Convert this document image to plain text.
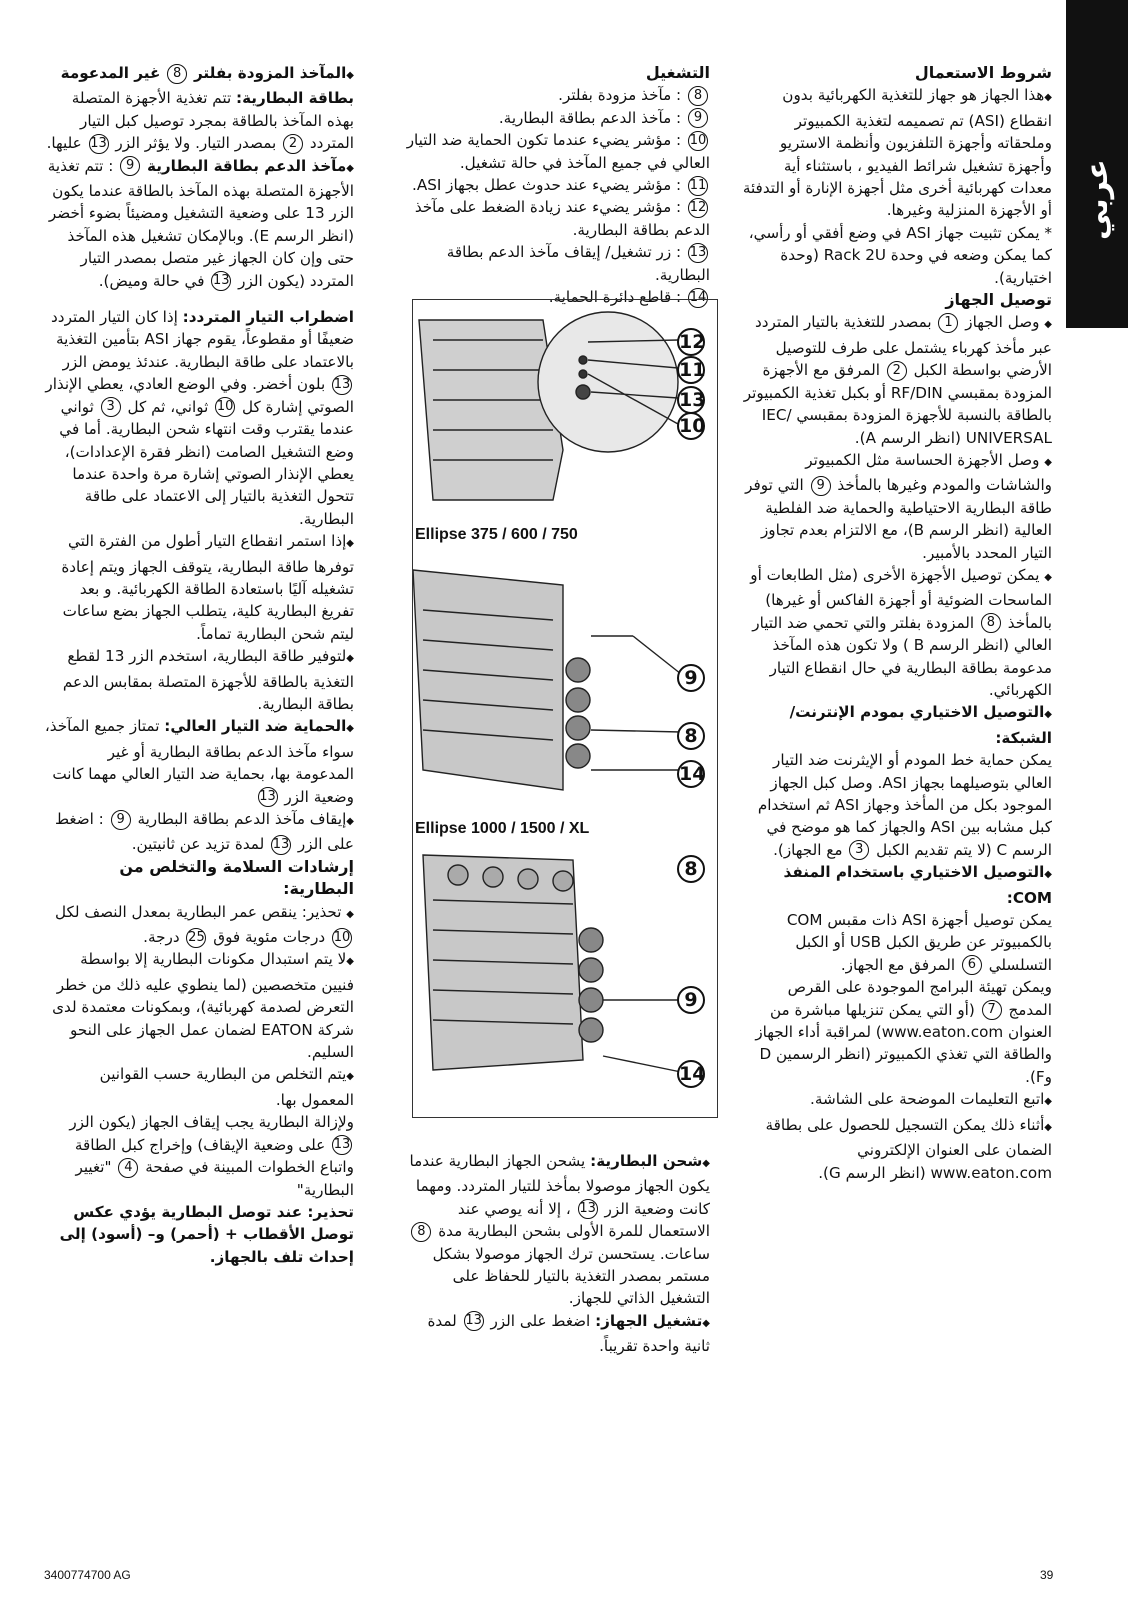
عربي

شروط الاستعمال

◆ هذا الجهاز هو جهاز للتغذية الكهربائية بدون انقطاع (ASI) تم تصميمه لتغذية الكمبيوتر وملحقاته وأجهزة التلفزيون وأنظمة الاستريو وأجهزة تشغيل شرائط الفيديو ، باستثناء أية معدات كهربائية أخرى مثل أجهزة الإنارة أو التدفئة أو الأجهزة المنزلية وغيرها.

* يمكن تثبيت جهاز ASI في وضع أفقي أو رأسي، كما يمكن وضعه في وحدة Rack 2U (وحدة اختيارية).

توصيل الجهاز

◆ وصل الجهاز 1 بمصدر للتغذية بالتيار المتردد عبر مأخذ كهرباء يشتمل على طرف للتوصيل الأرضي بواسطة الكبل 2 المرفق مع الأجهزة المزودة بمقبسي RF/DIN أو بكبل تغذية الكمبيوتر بالطاقة بالنسبة للأجهزة المزودة بمقبسي IEC/ UNIVERSAL (انظر الرسم A).

◆ وصل الأجهزة الحساسة مثل الكمبيوتر والشاشات والمودم وغيرها بالمأخذ 9 التي توفر طاقة البطارية الاحتياطية والحماية ضد الفلطية العالية (انظر الرسم B)، مع الالتزام بعدم تجاوز التيار المحدد بالأمبير.

◆ يمكن توصيل الأجهزة الأخرى (مثل الطابعات أو الماسحات الضوئية أو أجهزة الفاكس أو غيرها) بالمأخذ 8 المزودة بفلتر والتي تحمي ضد التيار العالي (انظر الرسم B ) ولا تكون هذه المآخذ مدعومة بطاقة البطارية في حال انقطاع التيار الكهربائي.

◆ التوصيل الاختياري بمودم الإنترنت/الشبكة:

يمكن حماية خط المودم أو الإيثرنت ضد التيار العالي بتوصيلهما بجهاز ASI. وصل كبل الجهاز الموجود بكل من المأخذ وجهاز ASI ثم استخدام كبل مشابه بين ASI والجهاز كما هو موضح في الرسم C (لا يتم تقديم الكبل 3 مع الجهاز).

◆ التوصيل الاختياري باستخدام المنفذ COM:

يمكن توصيل أجهزة ASI ذات مقبس COM بالكمبيوتر عن طريق الكبل USB أو الكبل التسلسلي 6 المرفق مع الجهاز.

ويمكن تهيئة البرامج الموجودة على القرص المدمج 7 (أو التي يمكن تنزيلها مباشرة من العنوان www.eaton.com) لمراقبة أداء الجهاز والطاقة التي تغذي الكمبيوتر (انظر الرسمين D وF).

◆ اتبع التعليمات الموضحة على الشاشة.

◆ أثناء ذلك يمكن التسجيل للحصول على بطاقة الضمان على العنوان الإلكتروني www.eaton.com (انظر الرسم G).

التشغيل

8 : مآخذ مزودة بفلتر.

9 : مآخذ الدعم بطاقة البطارية.

10 : مؤشر يضيء عندما تكون الحماية ضد التيار العالي في جميع المآخذ في حالة تشغيل.

11 : مؤشر يضيء عند حدوث عطل بجهاز ASI.

12 : مؤشر يضيء عند زيادة الضغط على مآخذ الدعم بطاقة البطارية.

13 : زر تشغيل/ إيقاف مآخذ الدعم بطاقة البطارية.

14 : قاطع دائرة الحماية.

Ellipse 375 / 600 / 750
Ellipse 1000 / 1500 / XL
12
11
13
10
9
8
14
8
9
14

◆ شحن البطارية: يشحن الجهاز البطارية عندما يكون الجهاز موصولا بمأخذ للتيار المتردد. ومهما كانت وضعية الزر 13 ، إلا أنه يوصي عند الاستعمال للمرة الأولى بشحن البطارية مدة 8 ساعات. يستحسن ترك الجهاز موصولا بشكل مستمر بمصدر التغذية بالتيار للحفاظ على التشغيل الذاتي للجهاز.

◆ تشغيل الجهاز: اضغط على الزر 13 لمدة ثانية واحدة تقريباً.

◆ المآخذ المزودة بفلتر 8 غير المدعومة بطاقة البطارية: تتم تغذية الأجهزة المتصلة بهذه المآخذ بالطاقة بمجرد توصيل كبل التيار المتردد 2 بمصدر التيار. ولا يؤثر الزر 13 عليها.

◆ مآخذ الدعم بطاقة البطارية 9 : تتم تغذية الأجهزة المتصلة بهذه المآخذ بالطاقة عندما يكون الزر 13 على وضعية التشغيل ومضيئاً بضوء أخضر (انظر الرسم E). وبالإمكان تشغيل هذه المآخذ حتى وإن كان الجهاز غير متصل بمصدر التيار المتردد (يكون الزر 13 في حالة وميض).

اضطراب التيار المتردد: إذا كان التيار المتردد ضعيفًا أو مقطوعاً، يقوم جهاز ASI بتأمين التغذية بالاعتماد على طاقة البطارية. عندئذ يومض الزر 13 بلون أخضر. وفي الوضع العادي، يعطي الإنذار الصوتي إشارة كل 10 ثواني، ثم كل 3 ثواني عندما يقترب وقت انتهاء شحن البطارية. أما في وضع التشغيل الصامت (انظر فقرة الإعدادات)، يعطي الإنذار الصوتي إشارة مرة واحدة عندما تتحول التغذية بالتيار إلى الاعتماد على طاقة البطارية.

◆ إذا استمر انقطاع التيار أطول من الفترة التي توفرها طاقة البطارية، يتوقف الجهاز ويتم إعادة تشغيله آليًا باستعادة الطاقة الكهربائية. و بعد تفريغ البطارية كلية، يتطلب الجهاز بضع ساعات ليتم شحن البطارية تماماً.

◆ لتوفير طاقة البطارية، استخدم الزر 13 لقطع التغذية بالطاقة للأجهزة المتصلة بمقابس الدعم بطاقة البطارية.

◆ الحماية ضد التيار العالي: تمتاز جميع المآخذ، سواء مآخذ الدعم بطاقة البطارية أو غير المدعومة بها، بحماية ضد التيار العالي مهما كانت وضعية الزر 13

◆ إيقاف مآخذ الدعم بطاقة البطارية 9 : اضغط على الزر 13 لمدة تزيد عن ثانيتين.

إرشادات السلامة والتخلص من البطارية:

◆ تحذير: ينقص عمر البطارية بمعدل النصف لكل 10 درجات مئوية فوق 25 درجة.

◆ لا يتم استبدال مكونات البطارية إلا بواسطة فنيين متخصصين (لما ينطوي عليه ذلك من خطر التعرض لصدمة كهربائية)، وبمكونات معتمدة لدى شركة EATON لضمان عمل الجهاز على النحو السليم.

◆ يتم التخلص من البطارية حسب القوانين المعمول بها.

ولإزالة البطارية يجب إيقاف الجهاز (يكون الزر 13 على وضعية الإيقاف) وإخراج كبل الطاقة واتباع الخطوات المبينة في صفحة 4 "تغيير البطارية"

تحذير: عند توصل البطارية يؤدي عكس توصل الأقطاب + (أحمر) و– (أسود) إلى إحداث تلف بالجهاز.

3400774700 AG	39
